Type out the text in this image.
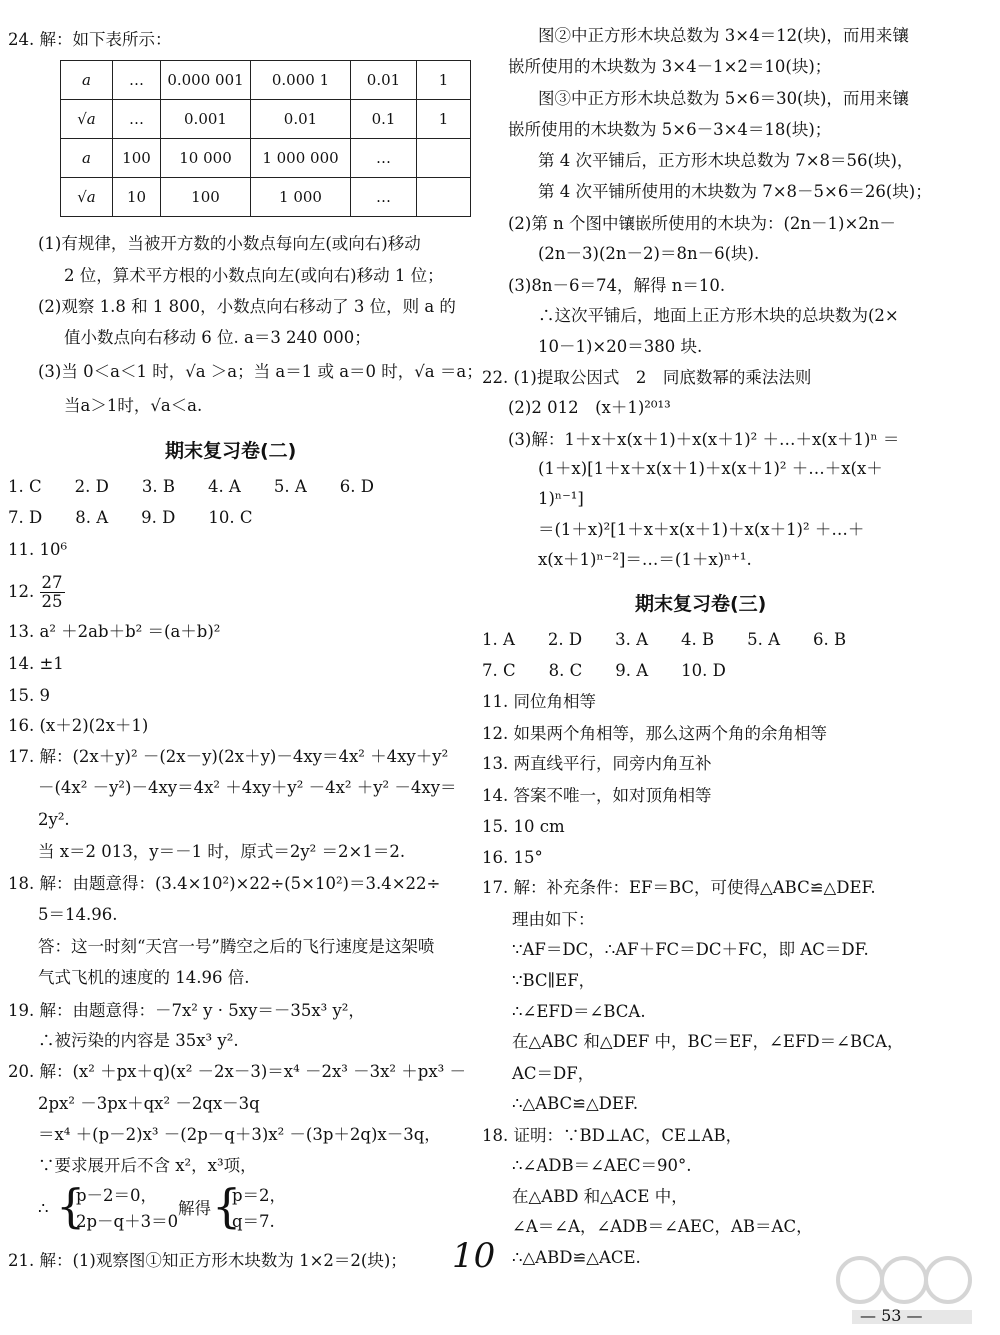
24. 解：如下表所示：
a	…	0.000 001	0.000 1	0.01	1
√a	…	0.001	0.01	0.1	1
a	100	10 000	1 000 000	…	
√a	10	100	1 000	…	
(1)有规律，当被开方数的小数点每向左(或向右)移动
2 位，算术平方根的小数点向左(或向右)移动 1 位；
(2)观察 1.8 和 1 800，小数点向右移动了 3 位，则 a 的
值小数点向右移动 6 位. a＝3 240 000；
(3)当 0＜a＜1 时，√a ＞a；当 a＝1 或 a＝0 时，√a ＝a；
当a＞1时，√a＜a.
期末复习卷(二)
1. C　　2. D　　3. B　　4. A　　5. A　　6. D
7. D　　8. A　　9. D　　10. C
11. 10⁶
12. $\frac{27}{25}$
13. a² ＋2ab＋b² ＝(a＋b)²
14. ±1
15. 9
16. (x＋2)(2x＋1)
17. 解：(2x＋y)² －(2x－y)(2x＋y)－4xy＝4x² ＋4xy＋y²
－(4x² －y²)－4xy＝4x² ＋4xy＋y² －4x² ＋y² －4xy＝
2y².
当 x＝2 013，y＝－1 时，原式＝2y² ＝2×1＝2.
18. 解：由题意得：(3.4×10²)×22÷(5×10²)＝3.4×22÷
5＝14.96.
答：这一时刻“天宫一号”腾空之后的飞行速度是这架喷
气式飞机的速度的 14.96 倍.
19. 解：由题意得：－7x² y · 5xy＝－35x³ y²，
∴被污染的内容是 35x³ y².
20. 解：(x² ＋px＋q)(x² －2x－3)＝x⁴ －2x³ －3x² ＋px³ －
2px² －3px＋qx² －2qx－3q
＝x⁴ ＋(p－2)x³ －(2p－q＋3)x² －(3p＋2q)x－3q，
∵要求展开后不含 x²，x³项，
∴ {
p－2＝0，
2p－q＋3＝0
解得 {
p＝2，
q＝7.
21. 解：(1)观察图①知正方形木块数为 1×2＝2(块)；
图②中正方形木块总数为 3×4＝12(块)，而用来镶
嵌所使用的木块数为 3×4－1×2＝10(块)；
图③中正方形木块总数为 5×6＝30(块)，而用来镶
嵌所使用的木块数为 5×6－3×4＝18(块)；
第 4 次平铺后，正方形木块总数为 7×8＝56(块)，
第 4 次平铺所使用的木块数为 7×8－5×6＝26(块)；
(2)第 n 个图中镶嵌所使用的木块为：(2n－1)×2n－
(2n－3)(2n－2)＝8n－6(块).
(3)8n－6＝74，解得 n＝10.
∴这次平铺后，地面上正方形木块的总块数为(2×
10－1)×20＝380 块.
22. (1)提取公因式　2　同底数幂的乘法法则
(2)2 012　(x＋1)²⁰¹³
(3)解：1＋x＋x(x＋1)＋x(x＋1)² ＋…＋x(x＋1)ⁿ ＝
(1＋x)[1＋x＋x(x＋1)＋x(x＋1)² ＋…＋x(x＋
1)ⁿ⁻¹]
＝(1＋x)²[1＋x＋x(x＋1)＋x(x＋1)² ＋…＋
x(x＋1)ⁿ⁻²]＝…＝(1＋x)ⁿ⁺¹.
期末复习卷(三)
1. A　　2. D　　3. A　　4. B　　5. A　　6. B
7. C　　8. C　　9. A　　10. D
11. 同位角相等
12. 如果两个角相等，那么这两个角的余角相等
13. 两直线平行，同旁内角互补
14. 答案不唯一，如对顶角相等
15. 10 cm
16. 15°
17. 解：补充条件：EF＝BC，可使得△ABC≌△DEF.
理由如下：
∵AF＝DC，∴AF＋FC＝DC＋FC，即 AC＝DF.
∵BC∥EF，
∴∠EFD＝∠BCA.
在△ABC 和△DEF 中，BC＝EF，∠EFD＝∠BCA，
AC＝DF，
∴△ABC≌△DEF.
18. 证明：∵BD⊥AC，CE⊥AB，
∴∠ADB＝∠AEC＝90°.
在△ABD 和△ACE 中，
∠A＝∠A，∠ADB＝∠AEC，AB＝AC，
∴△ABD≌△ACE.
10
— 53 —
